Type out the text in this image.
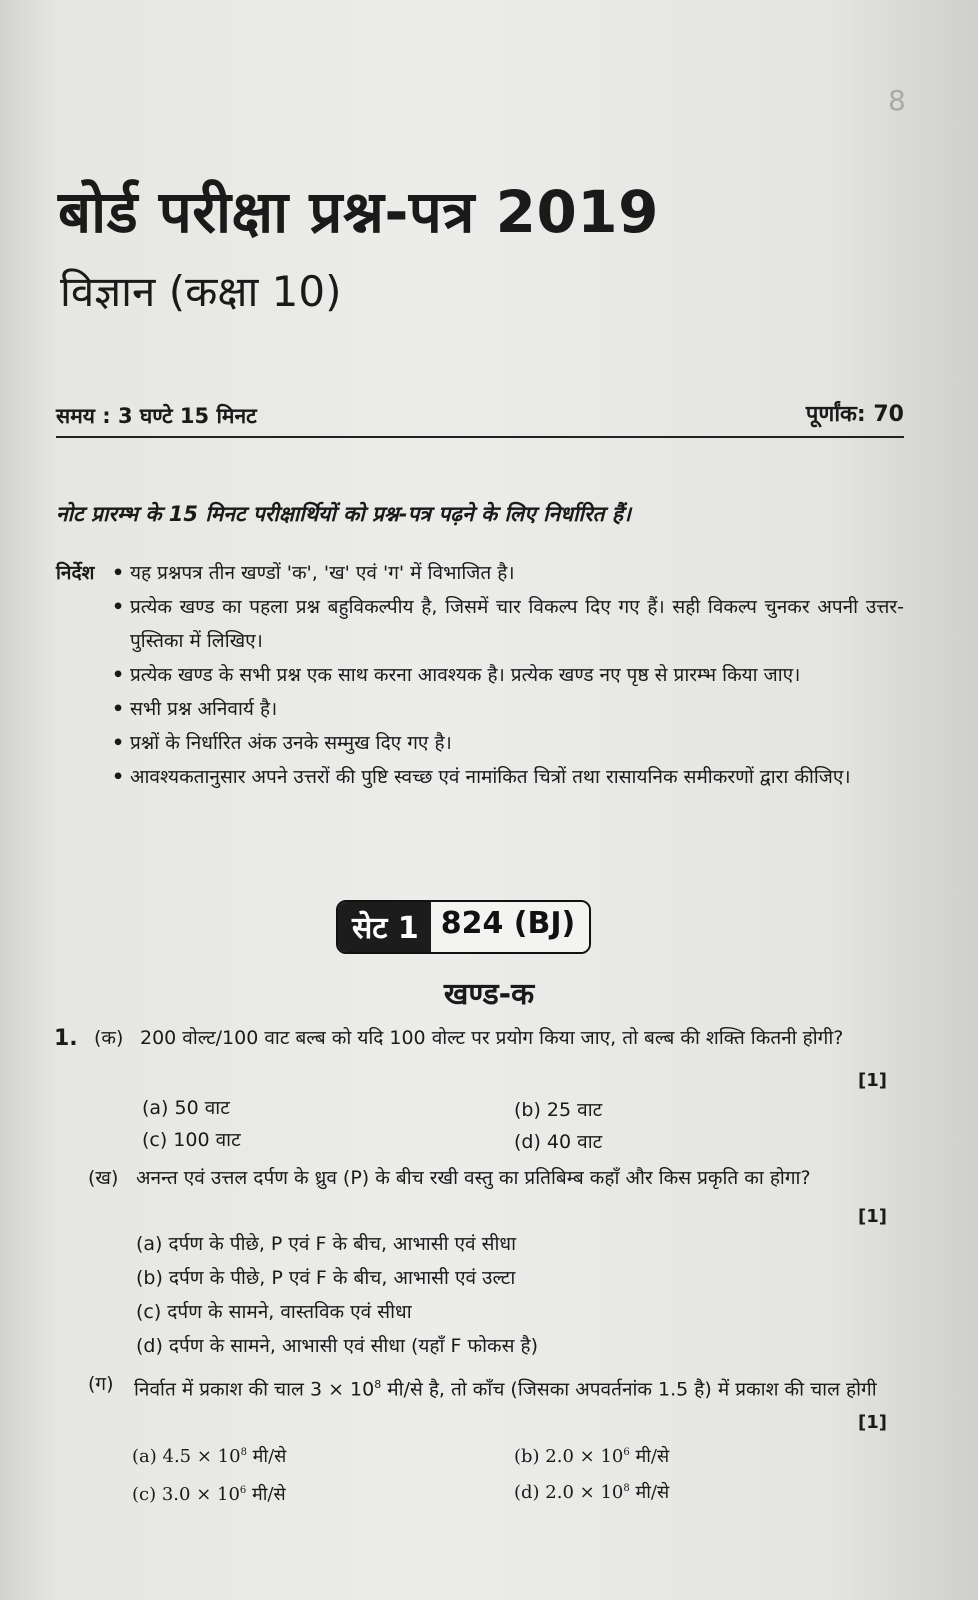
8
बोर्ड परीक्षा प्रश्न-पत्र 2019
विज्ञान (कक्षा 10)
समय : 3 घण्टे 15 मिनट	पूर्णांक: 70
नोट प्रारम्भ के 15 मिनट परीक्षार्थियों को प्रश्न-पत्र पढ़ने के लिए निर्धारित हैं।
निर्देश
•	यह प्रश्नपत्र तीन खण्डों 'क', 'ख' एवं 'ग' में विभाजित है।
• प्रत्येक खण्ड का पहला प्रश्न बहुविकल्पीय है, जिसमें चार विकल्प दिए गए हैं। सही विकल्प चुनकर अपनी उत्तर-पुस्तिका में लिखिए।
• प्रत्येक खण्ड के सभी प्रश्न एक साथ करना आवश्यक है। प्रत्येक खण्ड नए पृष्ठ से प्रारम्भ किया जाए।
• सभी प्रश्न अनिवार्य है।
• प्रश्नों के निर्धारित अंक उनके सम्मुख दिए गए है।
• आवश्यकतानुसार अपने उत्तरों की पुष्टि स्वच्छ एवं नामांकित चित्रों तथा रासायनिक समीकरणों द्वारा कीजिए।
सेट 1 824 (BJ)
खण्ड-क
1. (क) 200 वोल्ट/100 वाट बल्ब को यदि 100 वोल्ट पर प्रयोग किया जाए, तो बल्ब की शक्ति कितनी होगी?
[1]
(a) 50 वाट	(b) 25 वाट
(c) 100 वाट	(d) 40 वाट
(ख) अनन्त एवं उत्तल दर्पण के ध्रुव (P) के बीच रखी वस्तु का प्रतिबिम्ब कहाँ और किस प्रकृति का होगा?
[1]
(a) दर्पण के पीछे, P एवं F के बीच, आभासी एवं सीधा
(b) दर्पण के पीछे, P एवं F के बीच, आभासी एवं उल्टा
(c) दर्पण के सामने, वास्तविक एवं सीधा
(d) दर्पण के सामने, आभासी एवं सीधा (यहाँ F फोकस है)
(ग) निर्वात में प्रकाश की चाल $3 \times 10^8$ मी/से है, तो काँच (जिसका अपवर्तनांक 1.5 है) में प्रकाश की चाल होगी
[1]
(a) $4.5 \times 10^8$ मी/से	(b) $2.0 \times 10^6$ मी/से
(c) $3.0 \times 10^6$ मी/से	(d) $2.0 \times 10^8$ मी/से
